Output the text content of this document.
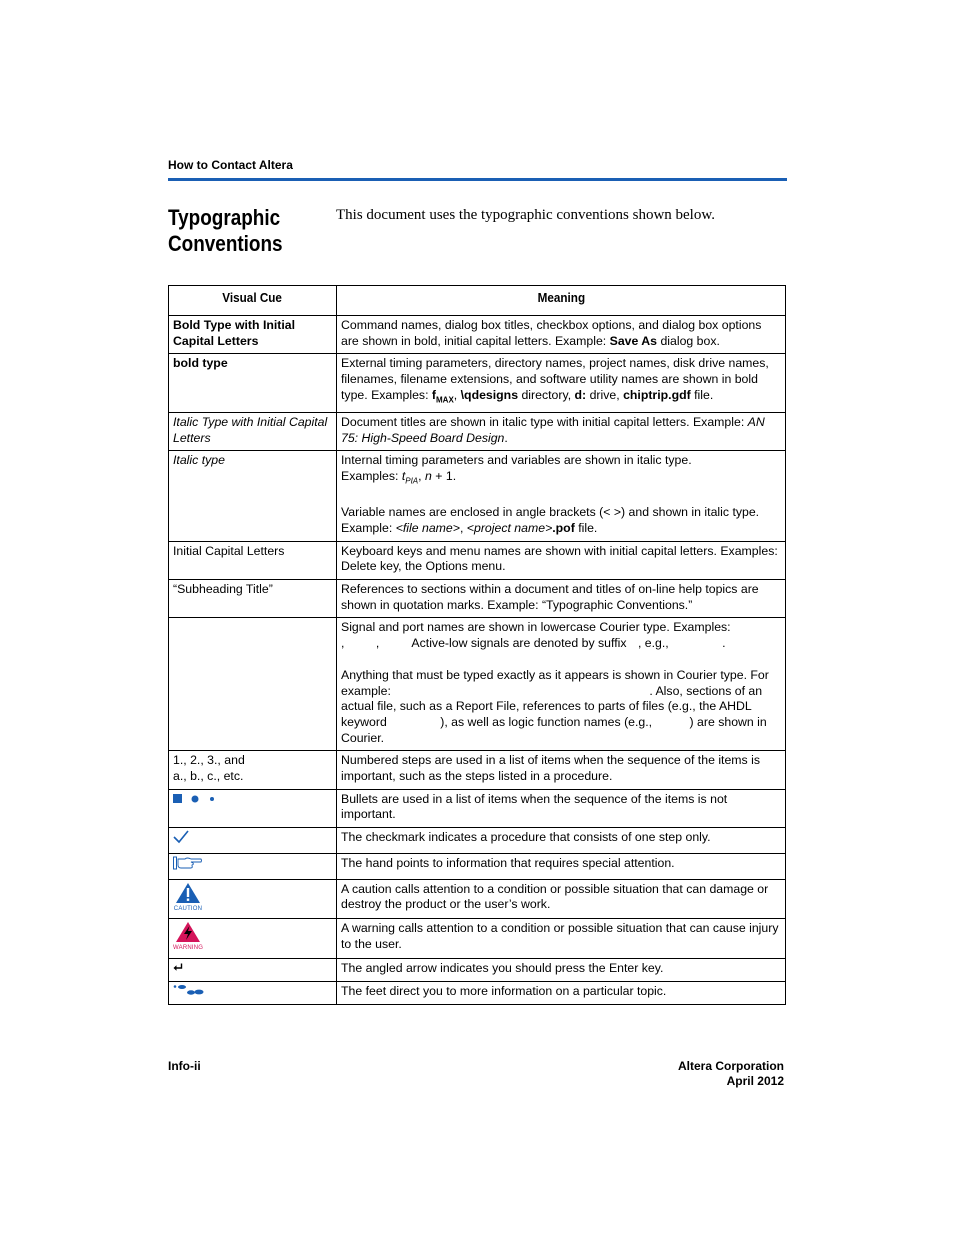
How to Contact Altera
Typographic Conventions
This document uses the typographic conventions shown below.
Visual Cue	Meaning
Bold Type with Initial Capital Letters	Command names, dialog box titles, checkbox options, and dialog box options are shown in bold, initial capital letters. Example: Save As dialog box.
bold type	External timing parameters, directory names, project names, disk drive names, filenames, filename extensions, and software utility names are shown in bold type. Examples: $f_{MAX}$, \qdesigns directory, d: drive, chiptrip.gdf file.
Italic Type with Initial Capital Letters	Document titles are shown in italic type with initial capital letters. Example: AN 75: High-Speed Board Design.
Italic type	Internal timing parameters and variables are shown in italic type.
Examples: $t_{PIA}$, n + 1.
Variable names are enclosed in angle brackets (< >) and shown in italic type.
Example: <file name>, <project name>.pof file.

Initial Capital Letters	Keyboard keys and menu names are shown with initial capital letters. Examples: Delete key, the Options menu.
“Subheading Title”	References to sections within a document and titles of on-line help topics are shown in quotation marks. Example: “Typographic Conventions.”

	Signal and port names are shown in lowercase Courier type. Examples: , ,  Active-low signals are denoted by suffix , e.g., .
Anything that must be typed exactly as it appears is shown in Courier type. For example: . Also, sections of an actual file, such as a Report File, references to parts of files (e.g., the AHDL keyword ), as well as logic function names (e.g., ) are shown in Courier.

1., 2., 3., and
a., b., c., etc.	Numbered steps are used in a list of items when the sequence of the items is important, such as the steps listed in a procedure.

	Bullets are used in a list of items when the sequence of the items is not important.
	The checkmark indicates a procedure that consists of one step only.
	The hand points to information that requires special attention.

CAUTION	A caution calls attention to a condition or possible situation that can damage or destroy the product or the user’s work.

WARNING	A warning calls attention to a condition or possible situation that can cause injury to the user.
	The angled arrow indicates you should press the Enter key.
	The feet direct you to more information on a particular topic.
Info-ii	Altera Corporation
April 2012
